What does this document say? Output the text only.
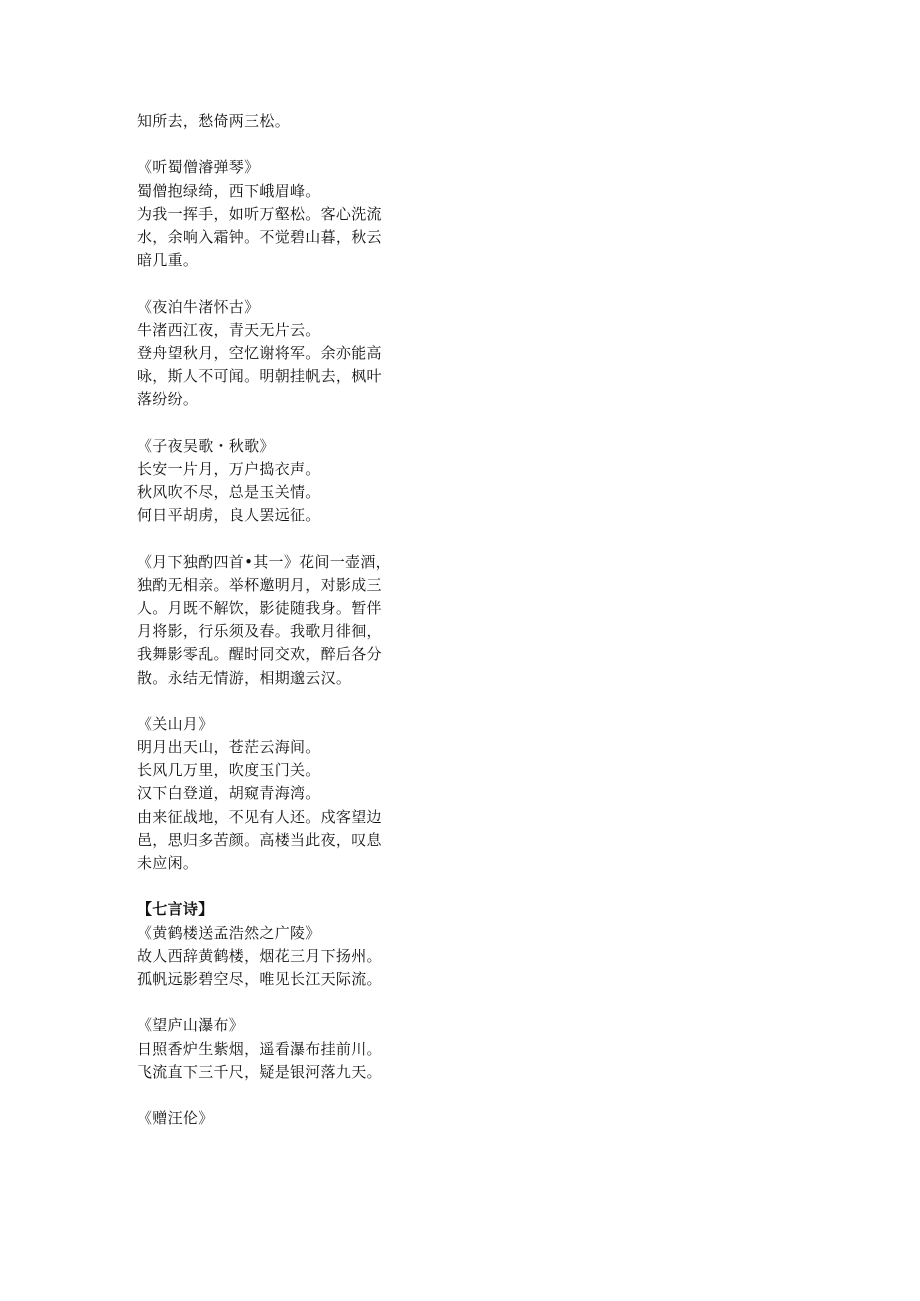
知所去，愁倚两三松。
《听蜀僧濬弹琴》
蜀僧抱绿绮，西下峨眉峰。
为我一挥手，如听万壑松。客心洗流
水，余响入霜钟。不觉碧山暮，秋云
暗几重。
《夜泊牛渚怀古》
牛渚西江夜，青天无片云。
登舟望秋月，空忆谢将军。余亦能高
咏，斯人不可闻。明朝挂帆去，枫叶
落纷纷。
《子夜吴歌・秋歌》
长安一片月，万户捣衣声。
秋风吹不尽，总是玉关情。
何日平胡虏，良人罢远征。
《月下独酌四首•其一》花间一壶酒，
独酌无相亲。举杯邀明月，对影成三
人。月既不解饮，影徒随我身。暂伴
月将影，行乐须及春。我歌月徘徊，
我舞影零乱。醒时同交欢，醉后各分
散。永结无情游，相期邈云汉。
《关山月》
明月出天山，苍茫云海间。
长风几万里，吹度玉门关。
汉下白登道，胡窥青海湾。
由来征战地，不见有人还。戍客望边
邑，思归多苦颜。高楼当此夜，叹息
未应闲。
【七言诗】
《黄鹤楼送孟浩然之广陵》
故人西辞黄鹤楼，烟花三月下扬州。
孤帆远影碧空尽，唯见长江天际流。
《望庐山瀑布》
日照香炉生紫烟，遥看瀑布挂前川。
飞流直下三千尺，疑是银河落九天。
《赠汪伦》
